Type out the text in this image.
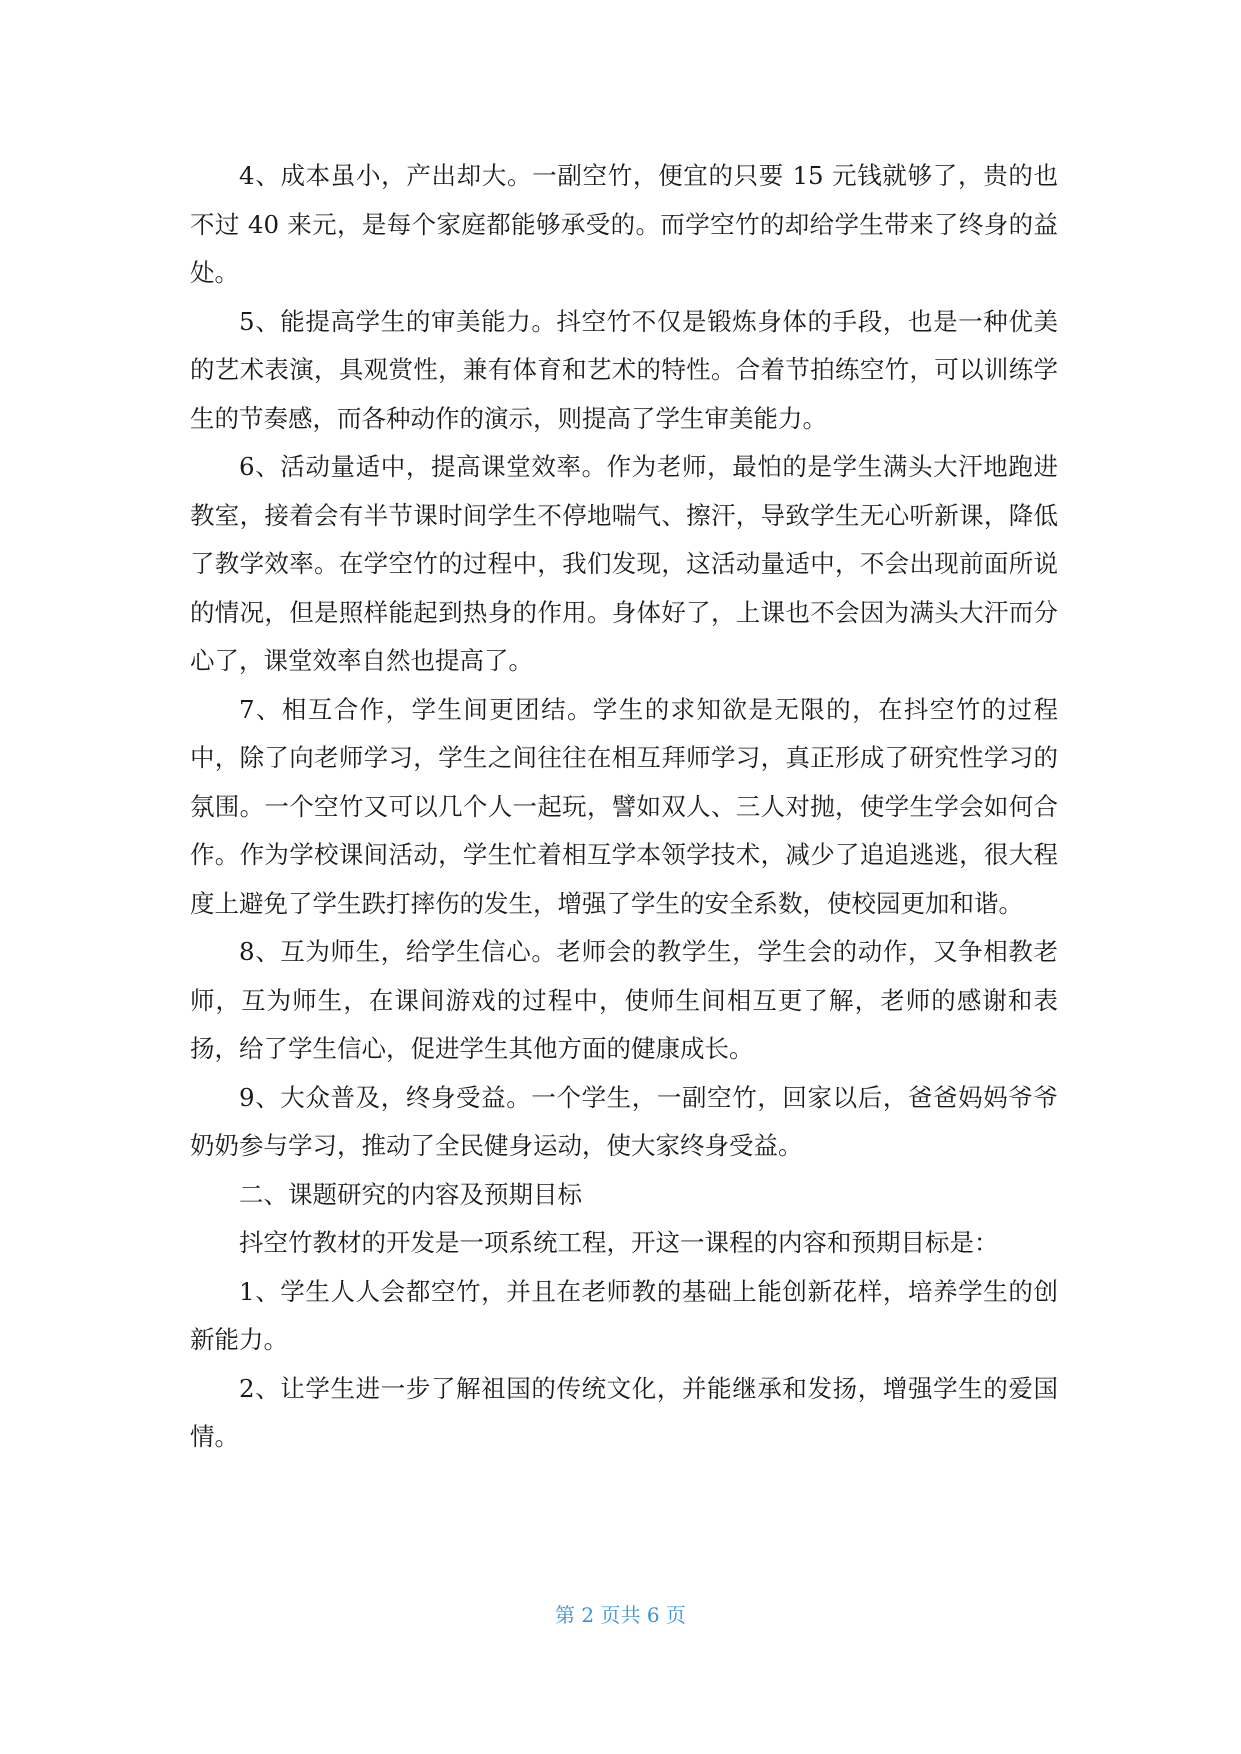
4、成本虽小，产出却大。一副空竹，便宜的只要 15 元钱就够了，贵的也不过 40 来元，是每个家庭都能够承受的。而学空竹的却给学生带来了终身的益处。

5、能提高学生的审美能力。抖空竹不仅是锻炼身体的手段，也是一种优美的艺术表演，具观赏性，兼有体育和艺术的特性。合着节拍练空竹，可以训练学生的节奏感，而各种动作的演示，则提高了学生审美能力。

6、活动量适中，提高课堂效率。作为老师，最怕的是学生满头大汗地跑进教室，接着会有半节课时间学生不停地喘气、擦汗，导致学生无心听新课，降低了教学效率。在学空竹的过程中，我们发现，这活动量适中，不会出现前面所说的情况，但是照样能起到热身的作用。身体好了，上课也不会因为满头大汗而分心了，课堂效率自然也提高了。

7、相互合作，学生间更团结。学生的求知欲是无限的，在抖空竹的过程中，除了向老师学习，学生之间往往在相互拜师学习，真正形成了研究性学习的氛围。一个空竹又可以几个人一起玩，譬如双人、三人对抛，使学生学会如何合作。作为学校课间活动，学生忙着相互学本领学技术，减少了追追逃逃，很大程度上避免了学生跌打摔伤的发生，增强了学生的安全系数，使校园更加和谐。

8、互为师生，给学生信心。老师会的教学生，学生会的动作，又争相教老师，互为师生，在课间游戏的过程中，使师生间相互更了解，老师的感谢和表扬，给了学生信心，促进学生其他方面的健康成长。

9、大众普及，终身受益。一个学生，一副空竹，回家以后，爸爸妈妈爷爷奶奶参与学习，推动了全民健身运动，使大家终身受益。

二、课题研究的内容及预期目标

抖空竹教材的开发是一项系统工程，开这一课程的内容和预期目标是：

1、学生人人会都空竹，并且在老师教的基础上能创新花样，培养学生的创新能力。

2、让学生进一步了解祖国的传统文化，并能继承和发扬，增强学生的爱国情。

第 2 页共 6 页
